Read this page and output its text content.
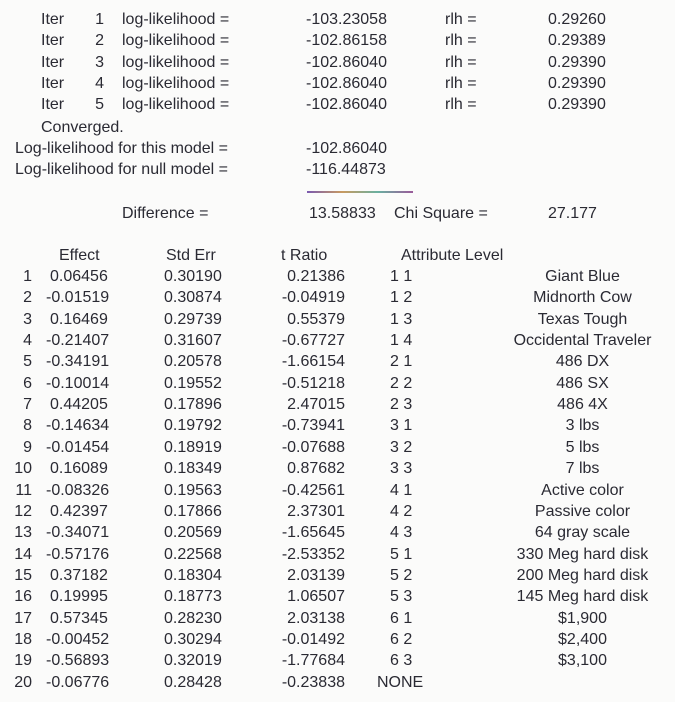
Iter	1 log-likelihood =	-103.23058	rlh =	0.29260
Iter	2 log-likelihood =	-102.86158	rlh =	0.29389
Iter	3 log-likelihood =	-102.86040	rlh =	0.29390
Iter	4 log-likelihood =	-102.86040	rlh =	0.29390
Iter	5 log-likelihood =	-102.86040	rlh =	0.29390
Converged.
Log-likelihood for this model =	-102.86040
Log-likelihood for null model =	-116.44873
Difference =	13.58833 Chi Square =	27.177
Effect	Std Err	t Ratio	Attribute Level
1 0.06456	0.30190	0.21386	1 1	Giant Blue
2 -0.01519	0.30874	-0.04919	1 2	Midnorth Cow
3 0.16469	0.29739	0.55379	1 3	Texas Tough
4 -0.21407	0.31607	-0.67727	1 4	Occidental Traveler
5 -0.34191	0.20578	-1.66154	2 1	486 DX
6 -0.10014	0.19552	-0.51218	2 2	486 SX
7 0.44205	0.17896	2.47015	2 3	486 4X
8 -0.14634	0.19792	-0.73941	3 1	3 lbs
9 -0.01454	0.18919	-0.07688	3 2	5 lbs
10 0.16089	0.18349	0.87682	3 3	7 lbs
11 -0.08326	0.19563	-0.42561	4 1	Active color
12 0.42397	0.17866	2.37301	4 2	Passive color
13 -0.34071	0.20569	-1.65645	4 3	64 gray scale
14 -0.57176	0.22568	-2.53352	5 1	330 Meg hard disk
15 0.37182	0.18304	2.03139	5 2	200 Meg hard disk
16 0.19995	0.18773	1.06507	5 3	145 Meg hard disk
17 0.57345	0.28230	2.03138	6 1	$1,900
18 -0.00452	0.30294	-0.01492	6 2	$2,400
19 -0.56893	0.32019	-1.77684	6 3	$3,100
20 -0.06776	0.28428	-0.23838 NONE
